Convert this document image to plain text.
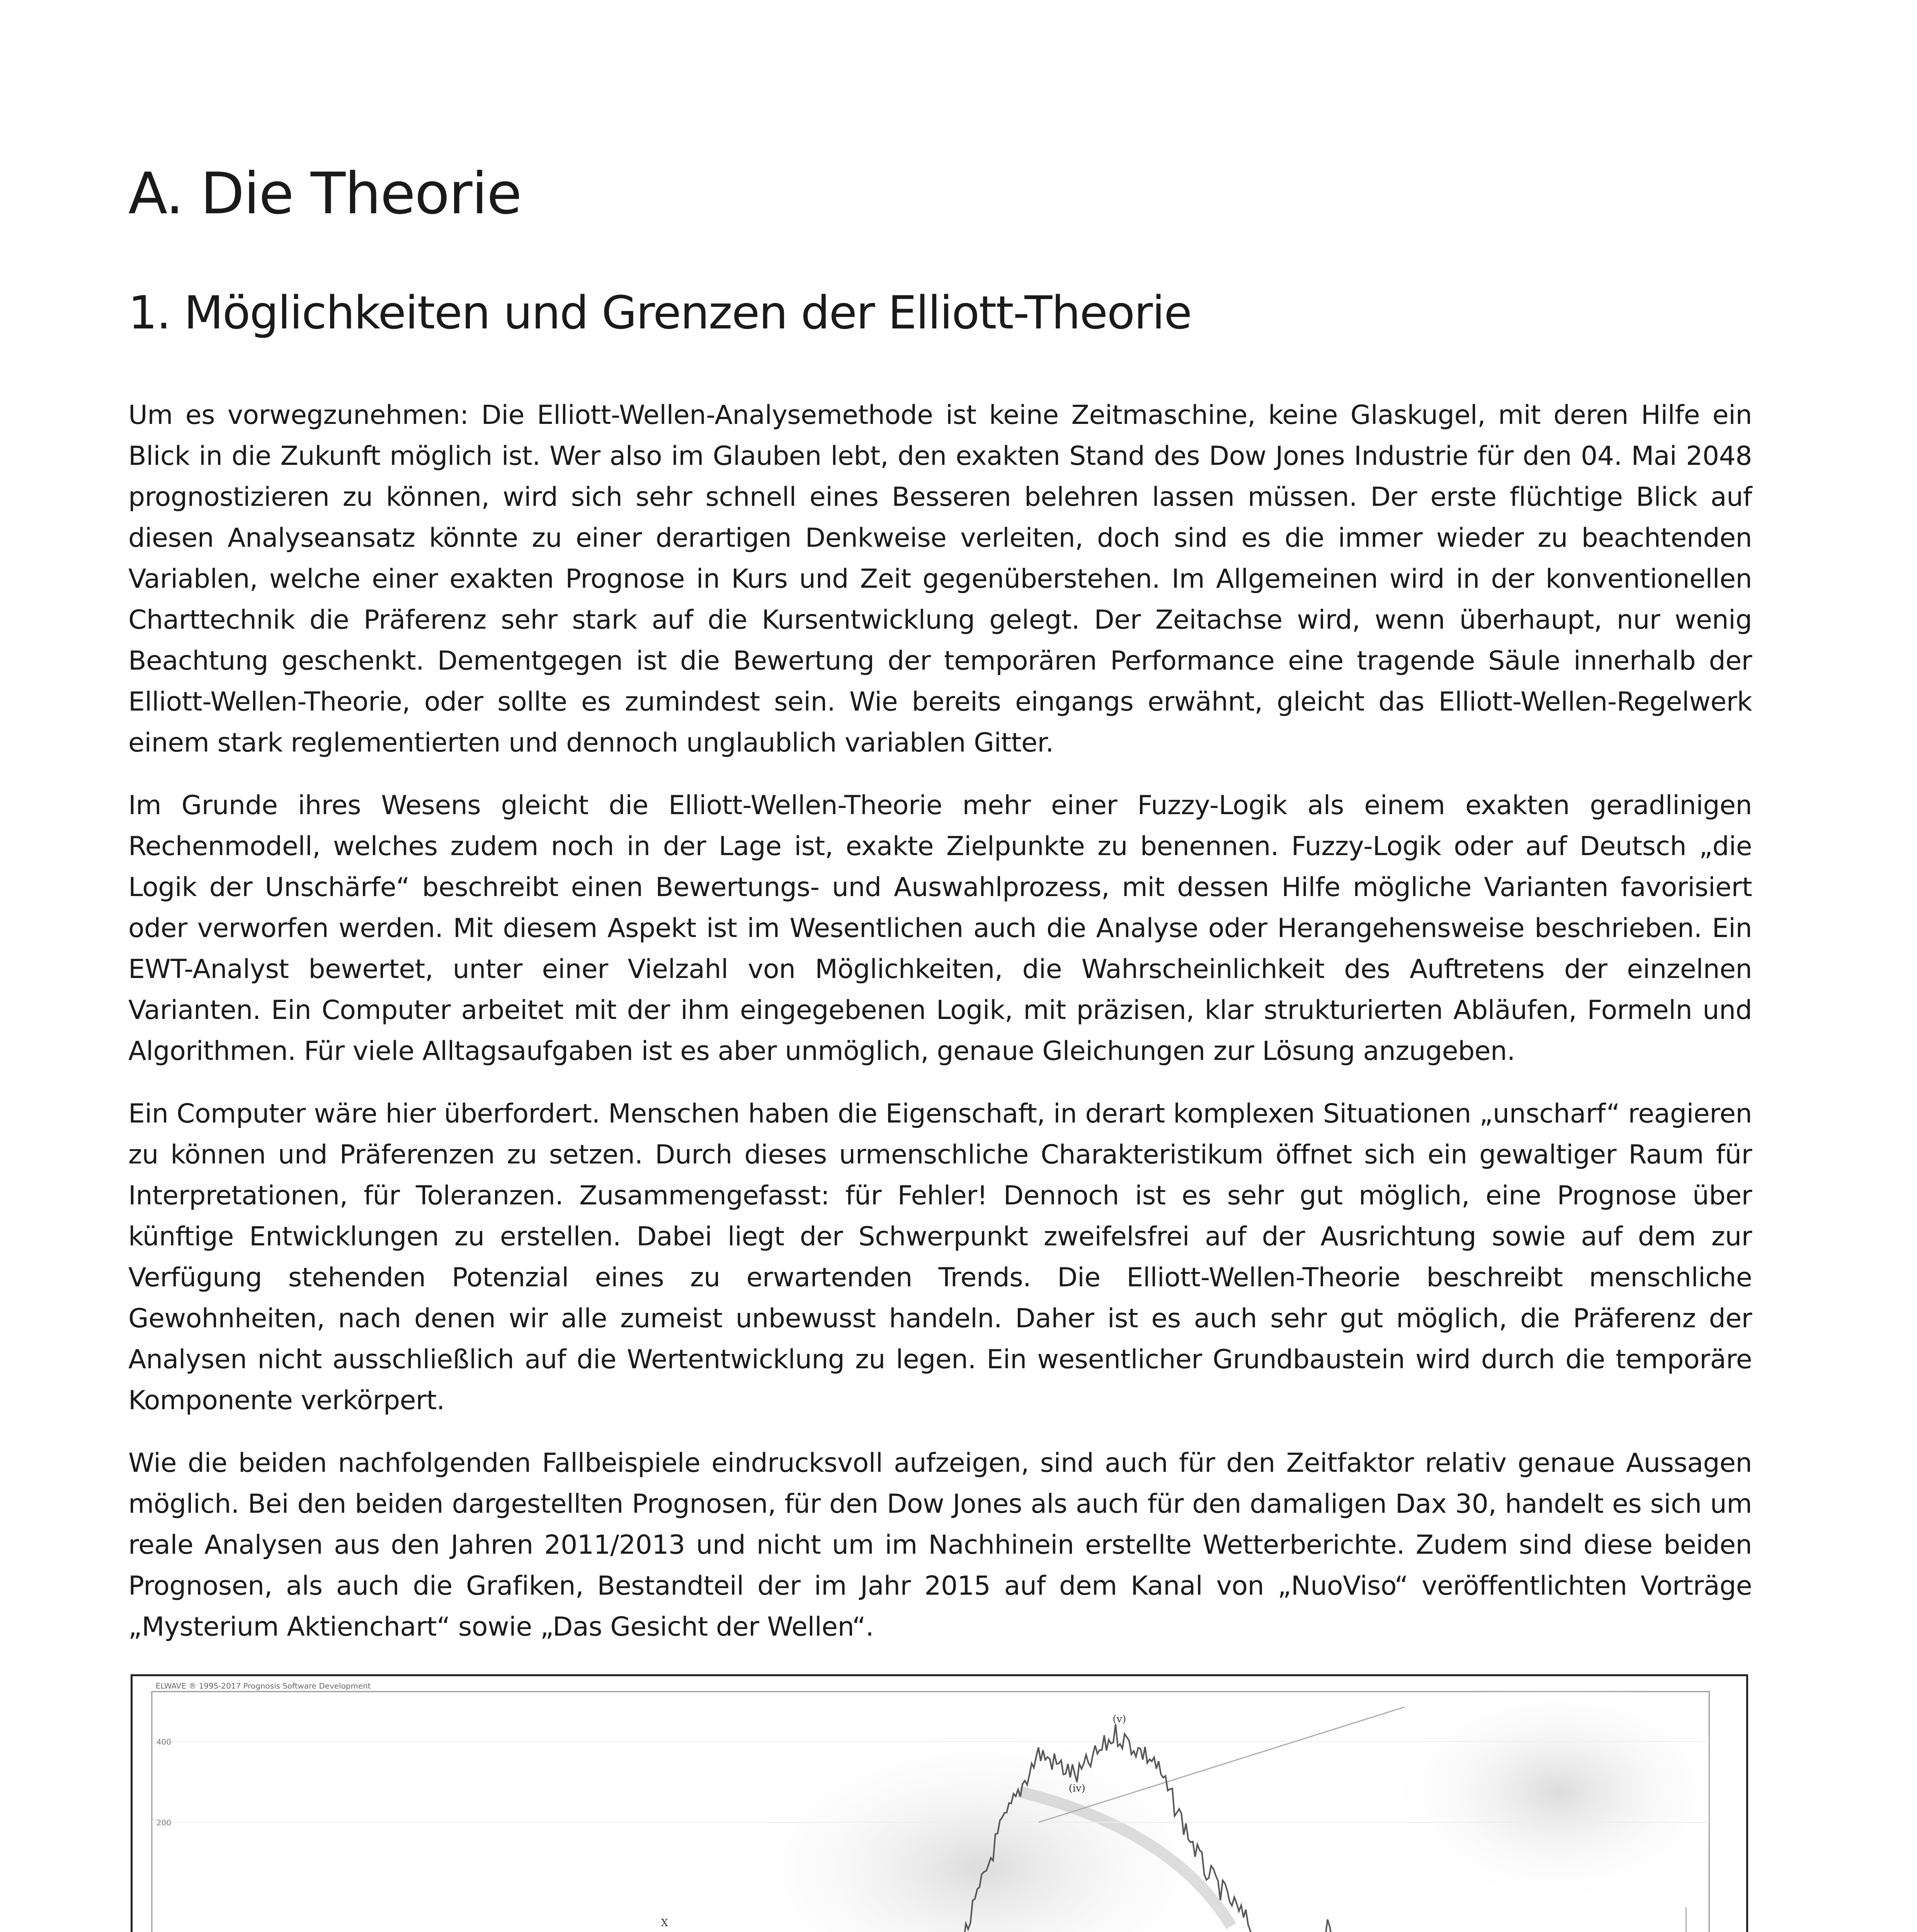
A. Die Theorie
1. Möglichkeiten und Grenzen der Elliott-Theorie

Um es vorwegzunehmen: Die Elliott-Wellen-Analysemethode ist keine Zeitmaschine, keine Glaskugel, mit deren Hilfe ein Blick in die Zukunft möglich ist. Wer also im Glauben lebt, den exakten Stand des Dow Jones Industrie für den 04. Mai 2048 prognostizieren zu können, wird sich sehr schnell eines Besseren belehren lassen müssen. Der erste flüchtige Blick auf diesen Analyseansatz könnte zu einer derartigen Denkweise verleiten, doch sind es die immer wieder zu beachtenden Variablen, welche einer exakten Prognose in Kurs und Zeit gegenüberstehen. Im Allgemeinen wird in der konventionellen Charttechnik die Präferenz sehr stark auf die Kursentwicklung gelegt. Der Zeitachse wird, wenn überhaupt, nur wenig Beachtung geschenkt. Dementgegen ist die Bewertung der temporären Performance eine tragende Säule innerhalb der Elliott-Wellen-Theorie, oder sollte es zumindest sein. Wie bereits eingangs erwähnt, gleicht das Elliott-Wellen-Regelwerk einem stark reglementierten und dennoch unglaublich variablen Gitter.

Im Grunde ihres Wesens gleicht die Elliott-Wellen-Theorie mehr einer Fuzzy-Logik als einem exakten geradlinigen Rechenmodell, welches zudem noch in der Lage ist, exakte Zielpunkte zu benennen. Fuzzy-Logik oder auf Deutsch „die Logik der Unschärfe“ beschreibt einen Bewertungs- und Auswahlprozess, mit dessen Hilfe mögliche Varianten favorisiert oder verworfen werden. Mit diesem Aspekt ist im Wesentlichen auch die Analyse oder Herangehensweise beschrieben. Ein EWT-Analyst bewertet, unter einer Vielzahl von Möglichkeiten, die Wahrscheinlichkeit des Auftretens der einzelnen Varianten. Ein Computer arbeitet mit der ihm eingegebenen Logik, mit präzisen, klar strukturierten Abläufen, Formeln und Algorithmen. Für viele Alltagsaufgaben ist es aber unmöglich, genaue Gleichungen zur Lösung anzugeben.

Ein Computer wäre hier überfordert. Menschen haben die Eigenschaft, in derart komplexen Situationen „unscharf“ reagieren zu können und Präferenzen zu setzen. Durch dieses urmenschliche Charakteristikum öffnet sich ein gewaltiger Raum für Interpretationen, für Toleranzen. Zusammengefasst: für Fehler! Dennoch ist es sehr gut möglich, eine Prognose über künftige Entwicklungen zu erstellen. Dabei liegt der Schwerpunkt zweifelsfrei auf der Ausrichtung sowie auf dem zur Verfügung stehenden Potenzial eines zu erwartenden Trends. Die Elliott-Wellen-Theorie beschreibt menschliche Gewohnheiten, nach denen wir alle zumeist unbewusst handeln. Daher ist es auch sehr gut möglich, die Präferenz der Analysen nicht ausschließlich auf die Wertentwicklung zu legen. Ein wesentlicher Grundbaustein wird durch die temporäre Komponente verkörpert.

Wie die beiden nachfolgenden Fallbeispiele eindrucksvoll aufzeigen, sind auch für den Zeitfaktor relativ genaue Aussagen möglich. Bei den beiden dargestellten Prognosen, für den Dow Jones als auch für den damaligen Dax 30, handelt es sich um reale Analysen aus den Jahren 2011/2013 und nicht um im Nachhinein erstellte Wetterberichte. Zudem sind diese beiden Prognosen, als auch die Grafiken, Bestandteil der im Jahr 2015 auf dem Kanal von „NuoViso“ veröffentlichten Vorträge „Mysterium Aktienchart“ sowie „Das Gesicht der Wellen“.

ELWAVE ® 1995-2017 Prognosis Software Development
400
200
X
(iv)
(v)
